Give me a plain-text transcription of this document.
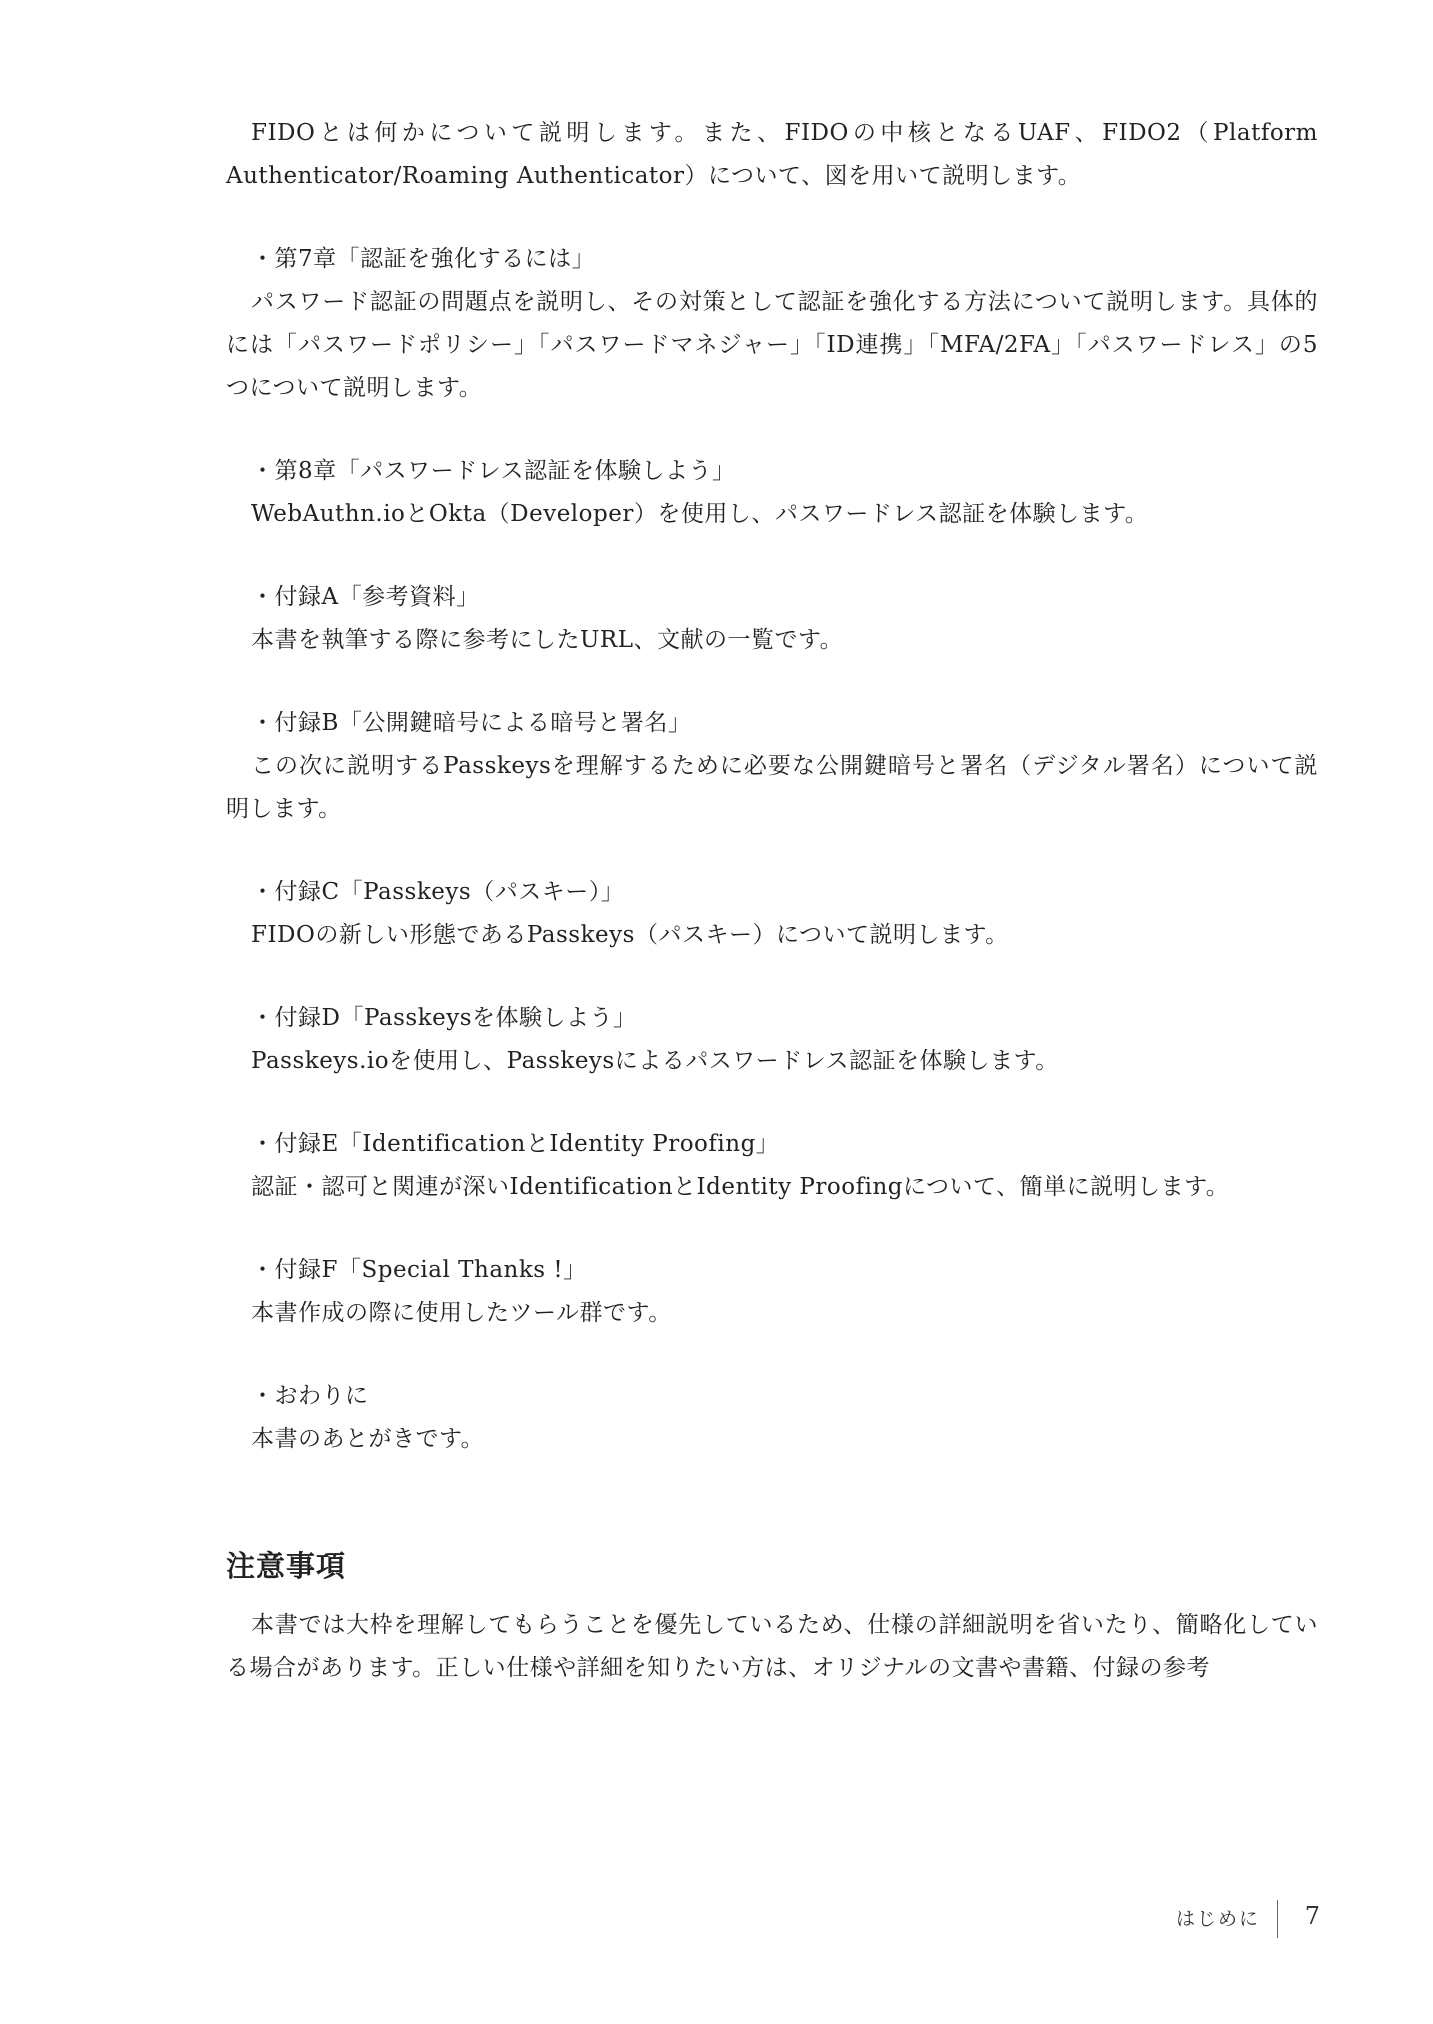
FIDOとは何かについて説明します。また、FIDOの中核となるUAF、FIDO2（Platform Authenticator/Roaming Authenticator）について、図を用いて説明します。

・第7章「認証を強化するには」

パスワード認証の問題点を説明し、その対策として認証を強化する方法について説明します。具体的には「パスワードポリシー」「パスワードマネジャー」「ID連携」「MFA/2FA」「パスワードレス」の5つについて説明します。

・第8章「パスワードレス認証を体験しよう」

WebAuthn.ioとOkta（Developer）を使用し、パスワードレス認証を体験します。

・付録A「参考資料」

本書を執筆する際に参考にしたURL、文献の一覧です。

・付録B「公開鍵暗号による暗号と署名」

この次に説明するPasskeysを理解するために必要な公開鍵暗号と署名（デジタル署名）について説明します。

・付録C「Passkeys（パスキー）」

FIDOの新しい形態であるPasskeys（パスキー）について説明します。

・付録D「Passkeysを体験しよう」

Passkeys.ioを使用し、Passkeysによるパスワードレス認証を体験します。

・付録E「IdentificationとIdentity Proofing」

認証・認可と関連が深いIdentificationとIdentity Proofingについて、簡単に説明します。

・付録F「Special Thanks !」

本書作成の際に使用したツール群です。

・おわりに

本書のあとがきです。

注意事項

本書では大枠を理解してもらうことを優先しているため、仕様の詳細説明を省いたり、簡略化している場合があります。正しい仕様や詳細を知りたい方は、オリジナルの文書や書籍、付録の参考

はじめに 7
